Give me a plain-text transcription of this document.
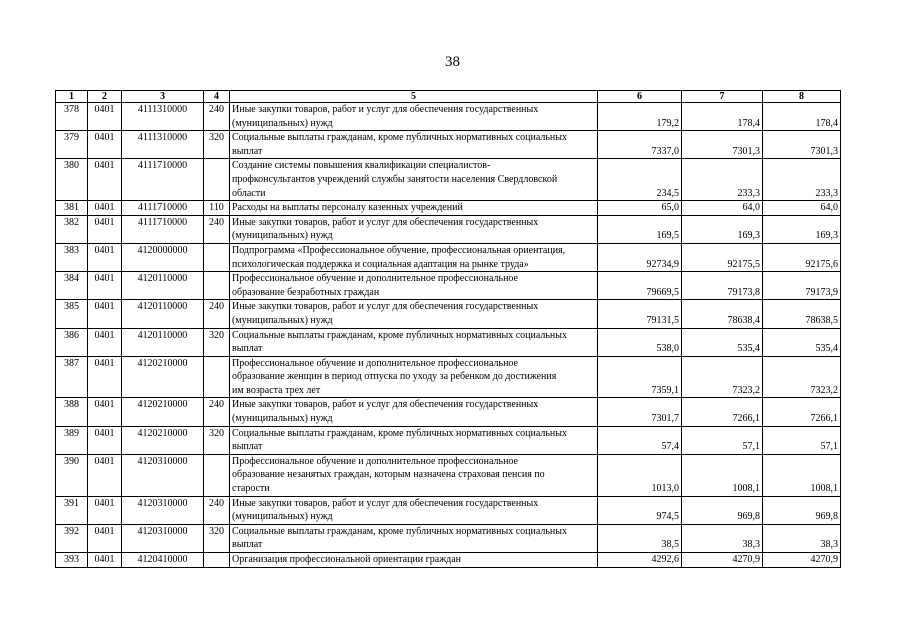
38
1	2	3	4	5	6	7	8
378	0401	4111310000	240	Иные закупки товаров, работ и услуг для обеспечения государственных
(муниципальных) нужд	179,2	178,4	178,4
379	0401	4111310000	320	Социальные выплаты гражданам, кроме публичных нормативных социальных
выплат	7337,0	7301,3	7301,3
380	0401	4111710000		Создание системы повышения квалификации специалистов-
профконсультантов учреждений службы занятости населения Свердловской
области	234,5	233,3	233,3
381	0401	4111710000	110	Расходы на выплаты персоналу казенных учреждений	65,0	64,0	64,0
382	0401	4111710000	240	Иные закупки товаров, работ и услуг для обеспечения государственных
(муниципальных) нужд	169,5	169,3	169,3
383	0401	4120000000		Подпрограмма «Профессиональное обучение, профессиональная ориентация,
психологическая поддержка и социальная адаптация на рынке труда»	92734,9	92175,5	92175,6
384	0401	4120110000		Профессиональное обучение и дополнительное профессиональное
образование безработных граждан	79669,5	79173,8	79173,9
385	0401	4120110000	240	Иные закупки товаров, работ и услуг для обеспечения государственных
(муниципальных) нужд	79131,5	78638,4	78638,5
386	0401	4120110000	320	Социальные выплаты гражданам, кроме публичных нормативных социальных
выплат	538,0	535,4	535,4
387	0401	4120210000		Профессиональное обучение и дополнительное профессиональное
образование женщин в период отпуска по уходу за ребенком до достижения
им возраста трех лет	7359,1	7323,2	7323,2
388	0401	4120210000	240	Иные закупки товаров, работ и услуг для обеспечения государственных
(муниципальных) нужд	7301,7	7266,1	7266,1
389	0401	4120210000	320	Социальные выплаты гражданам, кроме публичных нормативных социальных
выплат	57,4	57,1	57,1
390	0401	4120310000		Профессиональное обучение и дополнительное профессиональное
образование незанятых граждан, которым назначена страховая пенсия по
старости	1013,0	1008,1	1008,1
391	0401	4120310000	240	Иные закупки товаров, работ и услуг для обеспечения государственных
(муниципальных) нужд	974,5	969,8	969,8
392	0401	4120310000	320	Социальные выплаты гражданам, кроме публичных нормативных социальных
выплат	38,5	38,3	38,3
393	0401	4120410000		Организация профессиональной ориентации граждан	4292,6	4270,9	4270,9
